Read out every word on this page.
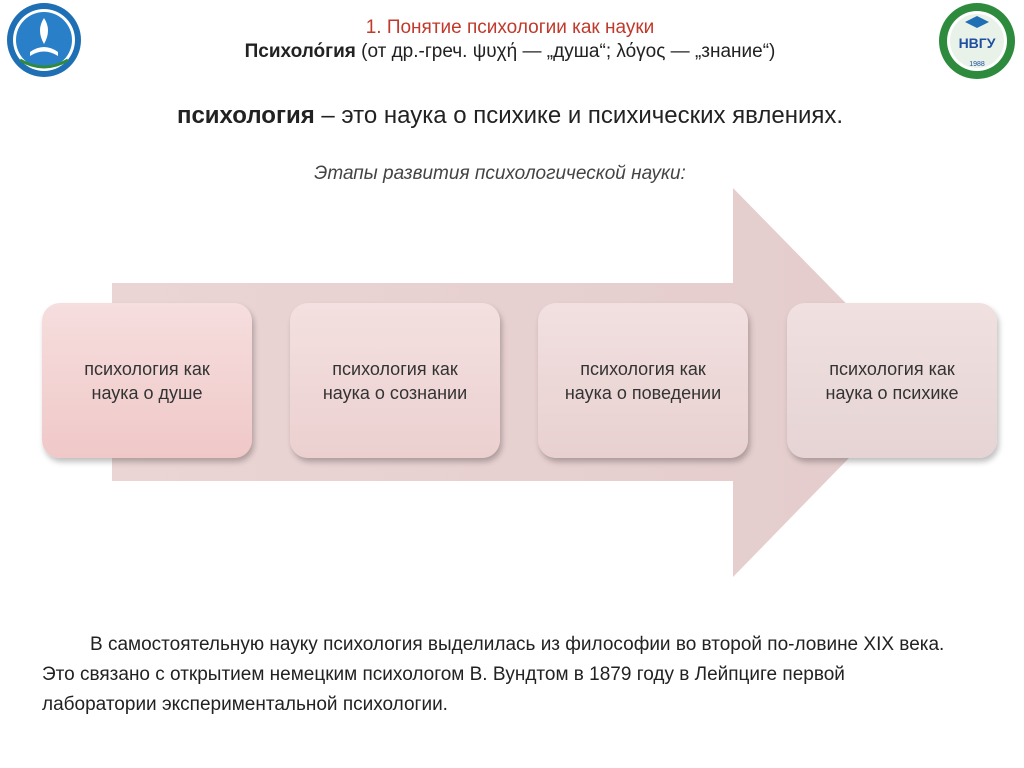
НВГУ
1988
1. Понятие психологии как науки
Психоло́гия (от др.-греч. ψυχή — „душа“; λόγος — „знание“)
психология – это наука о психике и психических явлениях.
Этапы развития психологической науки:
психология как наука о душе
психология как наука о сознании
психология как наука о поведении
психология как наука о психике
В самостоятельную науку психология выделилась из философии во второй по-ловине XIX века. Это связано с открытием немецким психологом В. Вундтом в 1879 году в Лейпциге первой лаборатории экспериментальной психологии.
